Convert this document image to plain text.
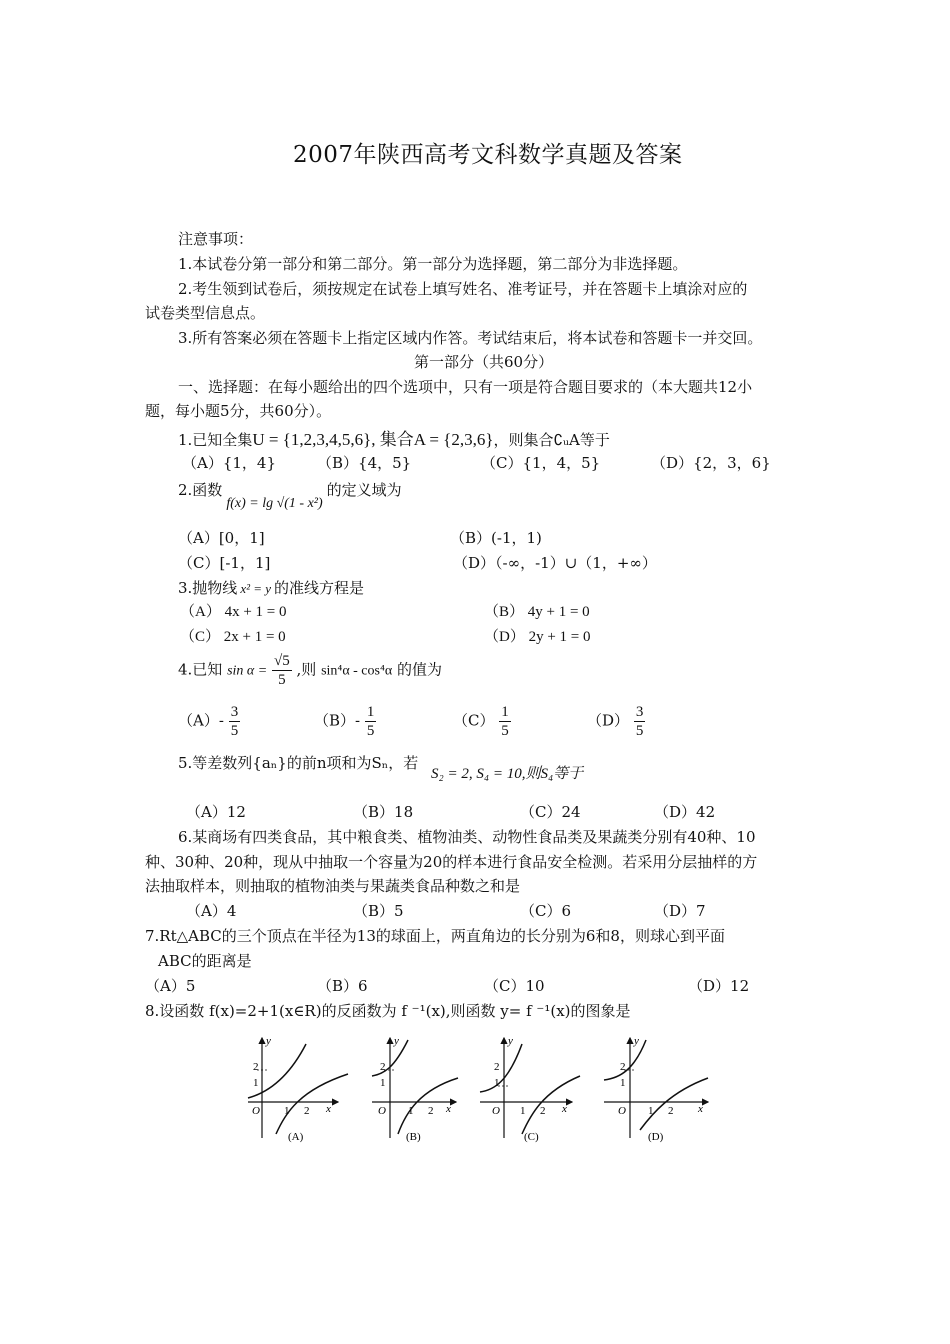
2007年陕西高考文科数学真题及答案
注意事项：
1.本试卷分第一部分和第二部分。第一部分为选择题，第二部分为非选择题。
2.考生领到试卷后，须按规定在试卷上填写姓名、准考证号，并在答题卡上填涂对应的
试卷类型信息点。
3.所有答案必须在答题卡上指定区域内作答。考试结束后，将本试卷和答题卡一并交回。
第一部分（共60分）
一、选择题：在每小题给出的四个选项中，只有一项是符合题目要求的（本大题共12小
题，每小题5分，共60分）。
1.已知全集U = {1,2,3,4,5,6}, 集合A = {2,3,6}，则集合∁ᵤA等于
（A）{1，4}	（B）{4，5}	（C）{1，4，5}	（D）{2，3，6}
2.函数f(x) = lg √(1 - x²)的定义域为
（A）[0，1]	（B）(-1，1)
（C）[-1，1]	（D）（-∞，-1）∪（1，+∞）
3.抛物线 x² = y 的准线方程是
（A） 4x + 1 = 0	（B） 4y + 1 = 0
（C） 2x + 1 = 0	（D） 2y + 1 = 0
4.已知 $\sin \alpha = \frac{√5}{5}$ ,则 sin⁴α - cos⁴α 的值为
$(A)- \frac{3}{5}$	$(B)- \frac{1}{5}$	$(C) \frac{1}{5}$	$(D) \frac{3}{5}$
5.等差数列{aₙ}的前n项和为Sₙ，若 S₂ = 2, S₄ = 10,则S₄等于
（A）12	（B）18	（C）24	（D）42
6.某商场有四类食品，其中粮食类、植物油类、动物性食品类及果蔬类分别有40种、10
种、30种、20种，现从中抽取一个容量为20的样本进行食品安全检测。若采用分层抽样的方
法抽取样本，则抽取的植物油类与果蔬类食品种数之和是
（A）4	（B）5	（C）6	（D）7
7.Rt△ABC的三个顶点在半径为13的球面上，两直角边的长分别为6和8，则球心到平面
ABC的距离是
（A）5	（B）6	（C）10	（D）12
8.设函数 f(x)=2+1(x∈R)的反函数为 f ⁻¹(x),则函数 y= f ⁻¹(x)的图象是
y
x
O 1 2
1
2
(A)
y
x
O 1 2
1
2
(B)
y
x
O 1 2
1
2
(C)
y
x
O 1 2
1
2
(D)
